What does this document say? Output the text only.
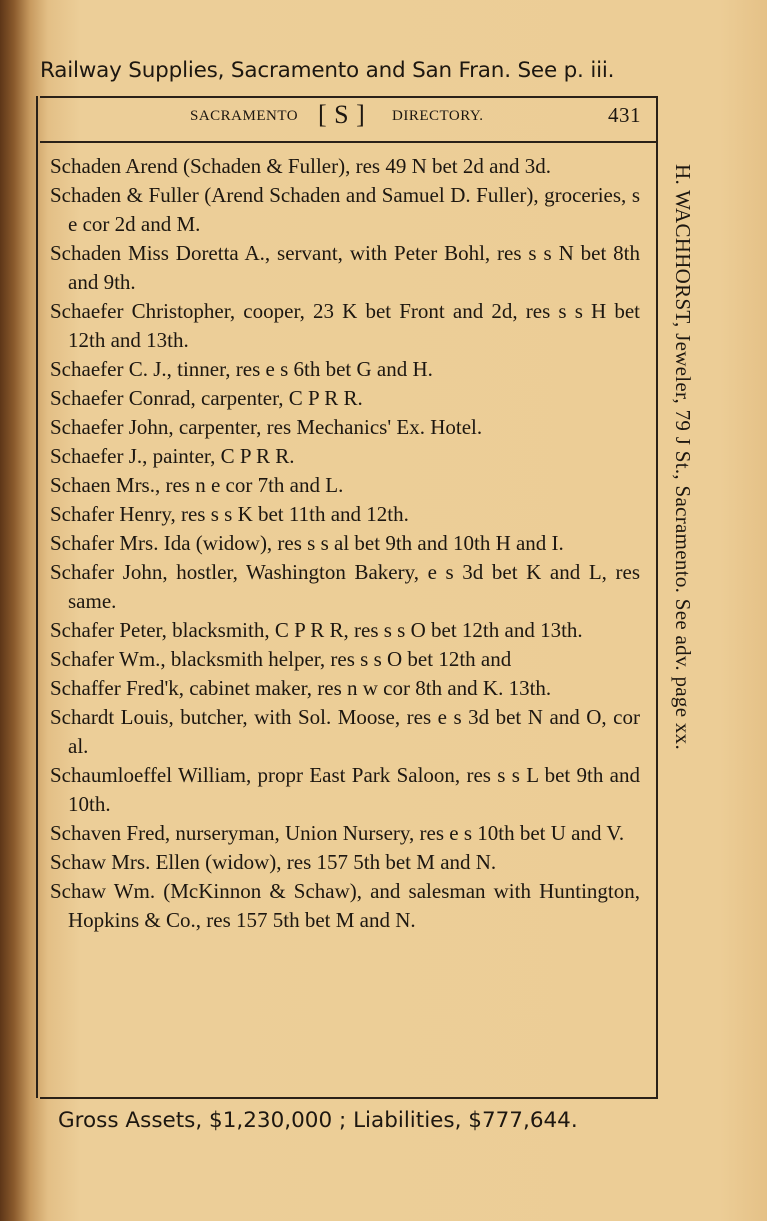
Railway Supplies, Sacramento and San Fran. See p. iii.
SACRAMENTO [ S ] DIRECTORY.	431
Schaden Arend (Schaden & Fuller), res 49 N bet 2d and 3d.
Schaden & Fuller (Arend Schaden and Samuel D. Fuller), groceries, s e cor 2d and M.
Schaden Miss Doretta A., servant, with Peter Bohl, res s s N bet 8th and 9th.
Schaefer Christopher, cooper, 23 K bet Front and 2d, res s s H bet 12th and 13th.
Schaefer C. J., tinner, res e s 6th bet G and H.
Schaefer Conrad, carpenter, C P R R.
Schaefer John, carpenter, res Mechanics' Ex. Hotel.
Schaefer J., painter, C P R R.
Schaen Mrs., res n e cor 7th and L.
Schafer Henry, res s s K bet 11th and 12th.
Schafer Mrs. Ida (widow), res s s al bet 9th and 10th H and I.
Schafer John, hostler, Washington Bakery, e s 3d bet K and L, res same.
Schafer Peter, blacksmith, C P R R, res s s O bet 12th and 13th.
Schafer Wm., blacksmith helper, res s s O bet 12th and
Schaffer Fred'k, cabinet maker, res n w cor 8th and K. 13th.
Schardt Louis, butcher, with Sol. Moose, res e s 3d bet N and O, cor al.
Schaumloeffel William, propr East Park Saloon, res s s L bet 9th and 10th.
Schaven Fred, nurseryman, Union Nursery, res e s 10th bet U and V.
Schaw Mrs. Ellen (widow), res 157 5th bet M and N.
Schaw Wm. (McKinnon & Schaw), and salesman with Huntington, Hopkins & Co., res 157 5th bet M and N.
H. WACHHORST, Jeweler, 79 J St., Sacramento. See adv. page xx.
Gross Assets, $1,230,000 ; Liabilities, $777,644.
